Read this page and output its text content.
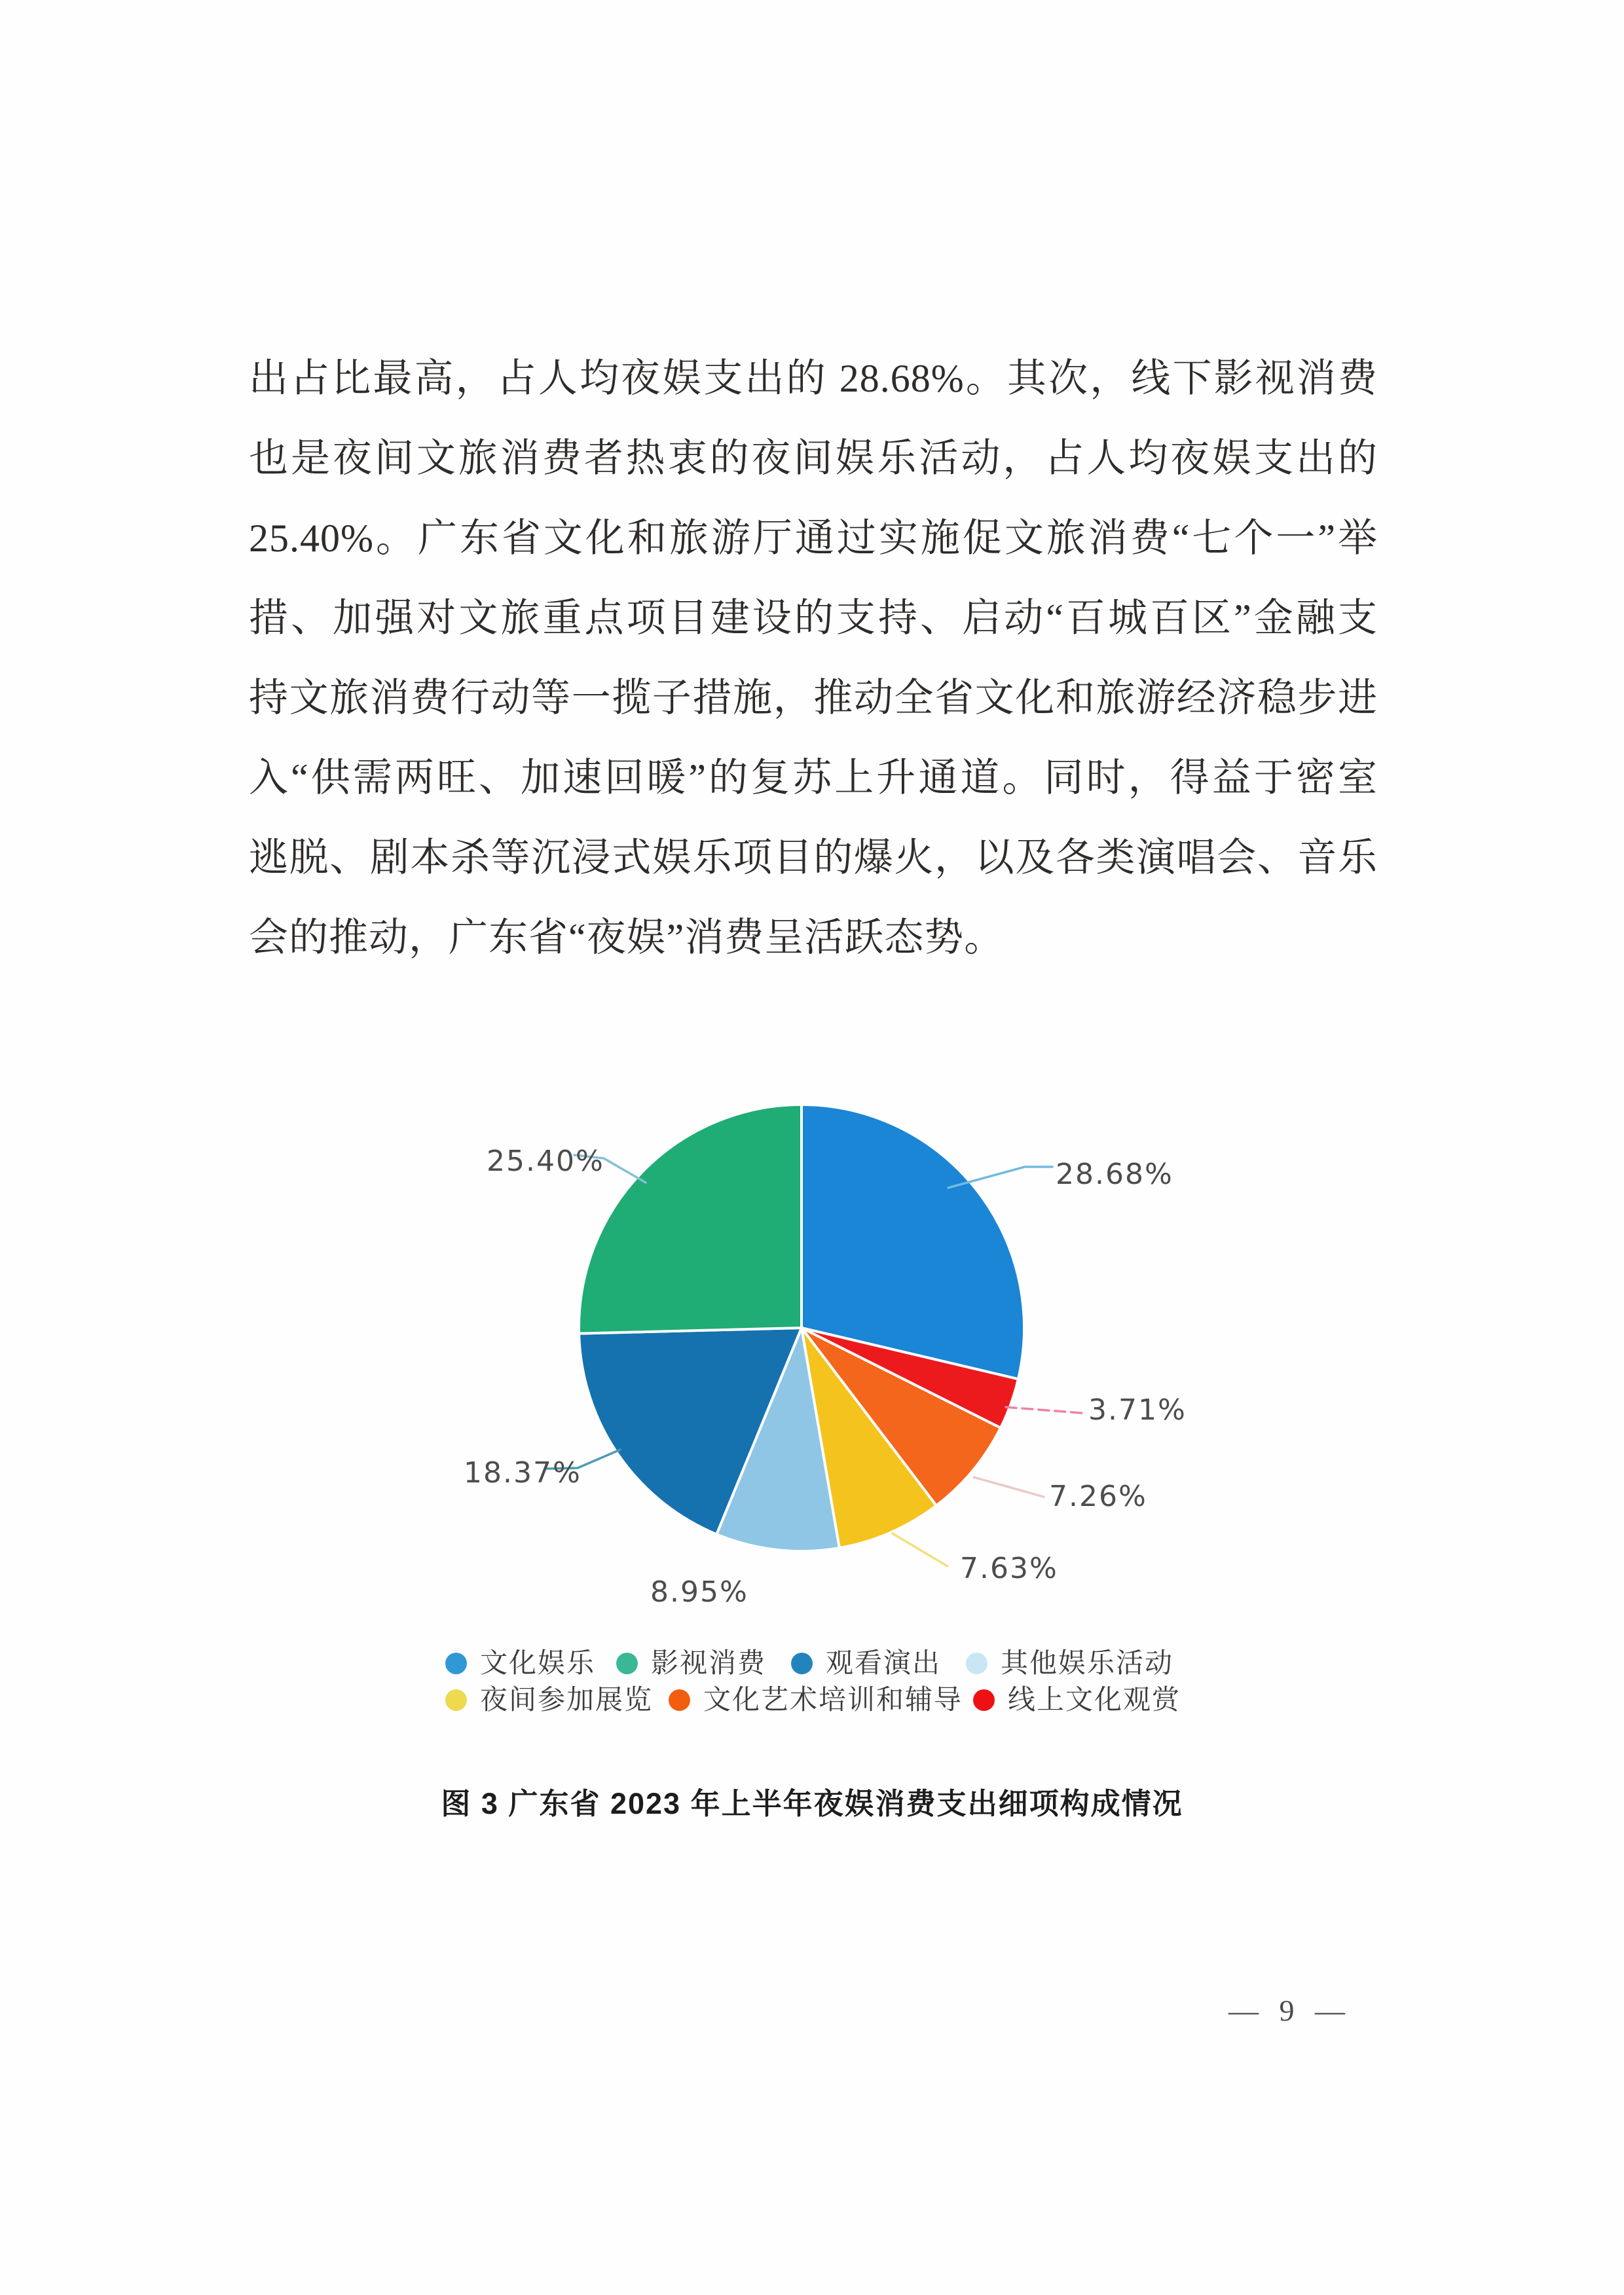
出占比最高，占人均夜娱支出的 28.68%。其次，线下影视消费
也是夜间文旅消费者热衷的夜间娱乐活动，占人均夜娱支出的
25.40%。广东省文化和旅游厅通过实施促文旅消费“七个一”举
措、加强对文旅重点项目建设的支持、启动“百城百区”金融支
持文旅消费行动等一揽子措施，推动全省文化和旅游经济稳步进
入“供需两旺、加速回暖”的复苏上升通道。同时，得益于密室
逃脱、剧本杀等沉浸式娱乐项目的爆火，以及各类演唱会、音乐
会的推动，广东省“夜娱”消费呈活跃态势。
28.68%
3.71%
7.26%
7.63%
8.95%
18.37%
25.40%
文化娱乐 影视消费 观看演出 其他娱乐活动
夜间参加展览 文化艺术培训和辅导 线上文化观赏
图 3 广东省 2023 年上半年夜娱消费支出细项构成情况
— 9 —
